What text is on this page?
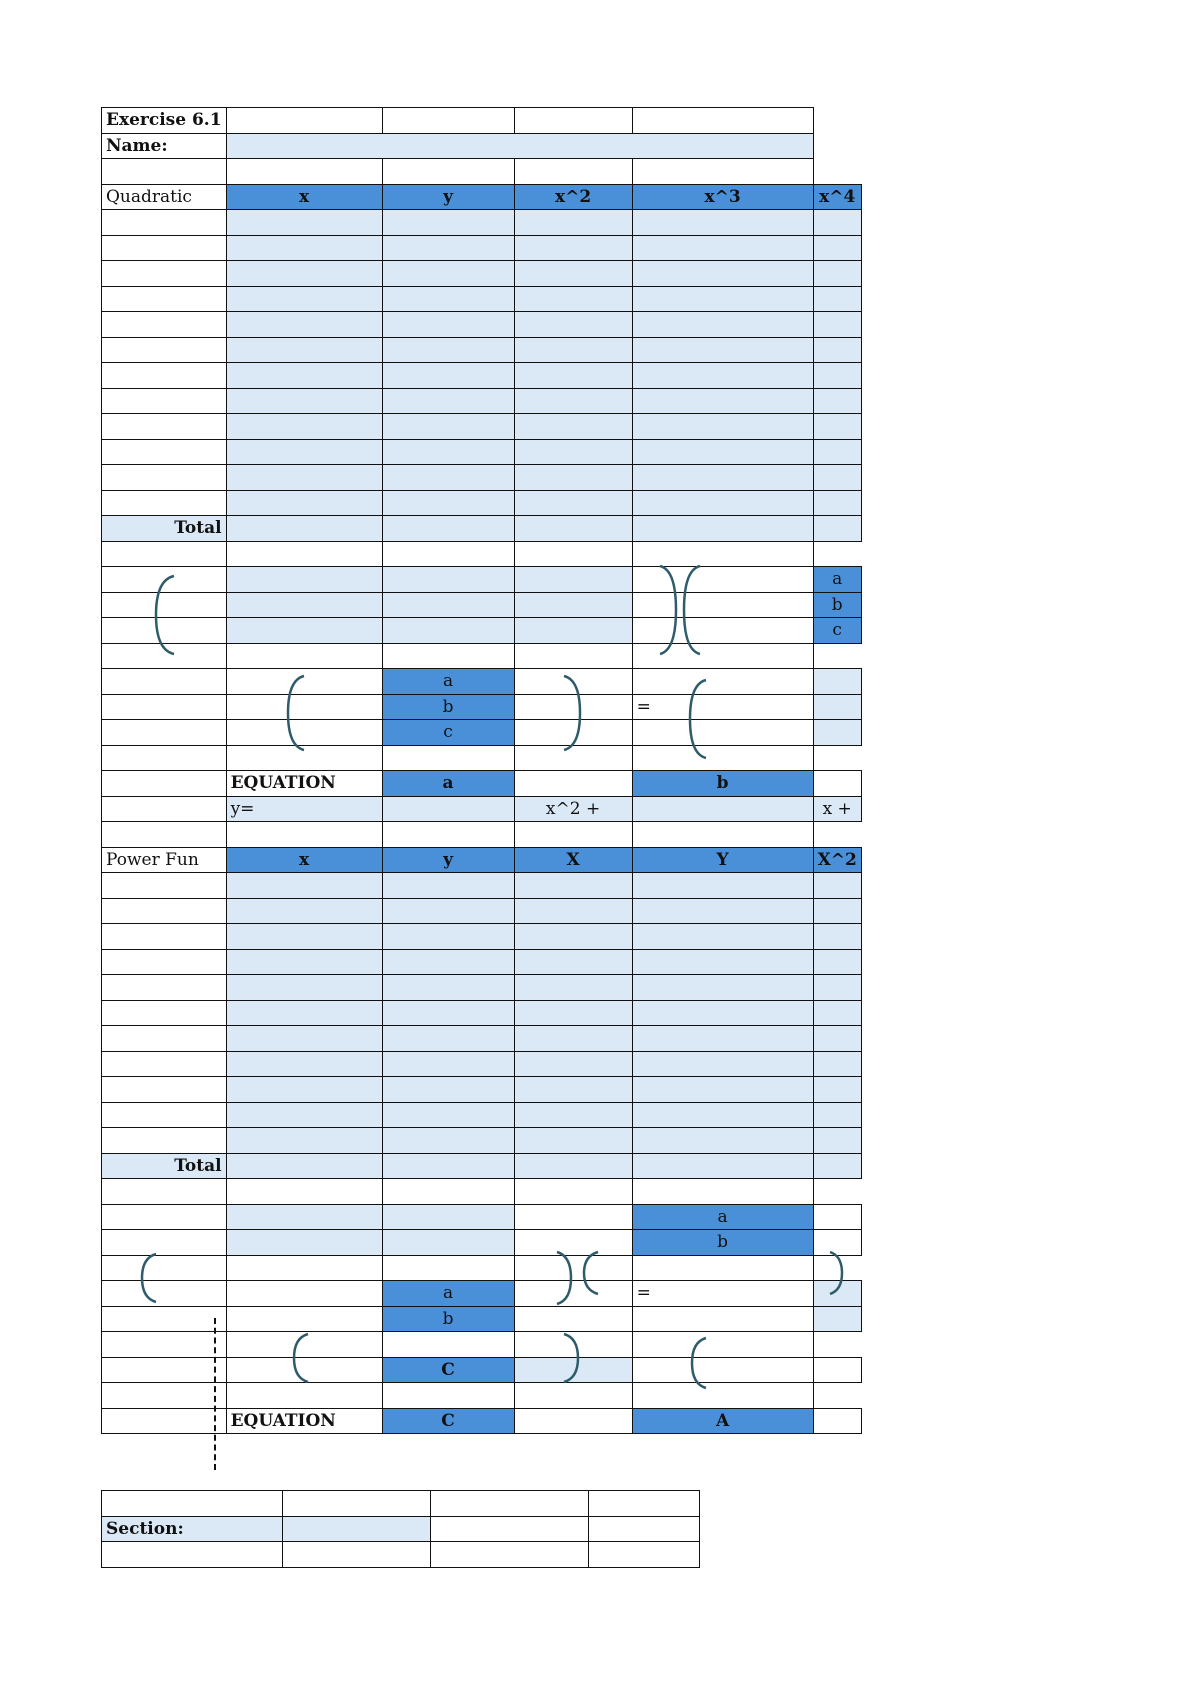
Exercise 6.1					
Name:					

Quadratic	x	y	x^2	x^3	x^4

Total					

					a
					b
					c

		a			
		b		=	
		c			

	EQUATION	a		b	
	y=		x^2 +		x +

Power Fun	x	y	X	Y	X^2

Total					

				a	
				b	

		a		=	
		b			

		C			

	EQUATION	C		A	

Section:			
